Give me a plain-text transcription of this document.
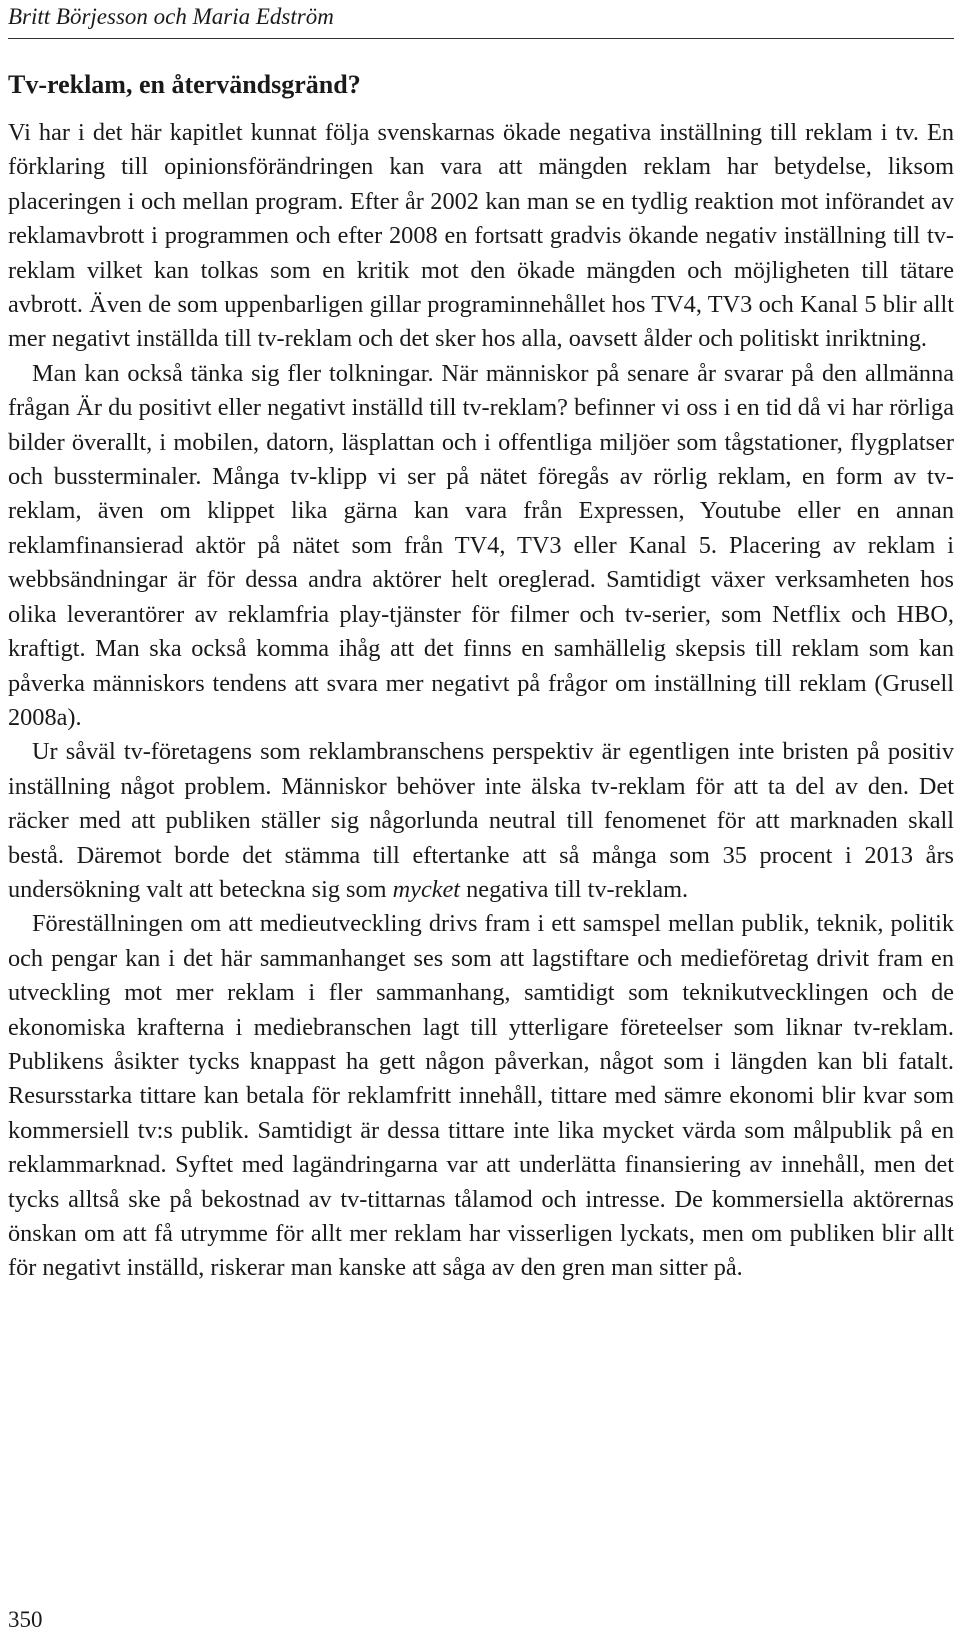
Britt Börjesson och Maria Edström
Tv-reklam, en återvändsgränd?

Vi har i det här kapitlet kunnat följa svenskarnas ökade negativa inställning till reklam i tv. En förklaring till opinionsförändringen kan vara att mängden reklam har betydelse, liksom placeringen i och mellan program. Efter år 2002 kan man se en tydlig reaktion mot införandet av reklamavbrott i programmen och efter 2008 en fortsatt gradvis ökande negativ inställning till tv-reklam vilket kan tolkas som en kritik mot den ökade mängden och möjligheten till tätare avbrott. Även de som uppenbarligen gillar programinnehållet hos TV4, TV3 och Kanal 5 blir allt mer negativt inställda till tv-reklam och det sker hos alla, oavsett ålder och politiskt inriktning.

Man kan också tänka sig fler tolkningar. När människor på senare år svarar på den allmänna frågan Är du positivt eller negativt inställd till tv-reklam? befinner vi oss i en tid då vi har rörliga bilder överallt, i mobilen, datorn, läsplattan och i offentliga miljöer som tågstationer, flygplatser och bussterminaler. Många tv-klipp vi ser på nätet föregås av rörlig reklam, en form av tv-reklam, även om klippet lika gärna kan vara från Expressen, Youtube eller en annan reklamfinansierad aktör på nätet som från TV4, TV3 eller Kanal 5. Placering av reklam i webbsändningar är för dessa andra aktörer helt oreglerad. Samtidigt växer verksamheten hos olika leverantörer av reklamfria play-tjänster för filmer och tv-serier, som Netflix och HBO, kraftigt. Man ska också komma ihåg att det finns en samhällelig skepsis till reklam som kan påverka människors tendens att svara mer negativt på frågor om inställning till reklam (Grusell 2008a).

Ur såväl tv-företagens som reklambranschens perspektiv är egentligen inte bristen på positiv inställning något problem. Människor behöver inte älska tv-reklam för att ta del av den. Det räcker med att publiken ställer sig någorlunda neutral till fenomenet för att marknaden skall bestå. Däremot borde det stämma till eftertanke att så många som 35 procent i 2013 års undersökning valt att beteckna sig som mycket negativa till tv-reklam.

Föreställningen om att medieutveckling drivs fram i ett samspel mellan publik, teknik, politik och pengar kan i det här sammanhanget ses som att lagstiftare och medieföretag drivit fram en utveckling mot mer reklam i fler sammanhang, samtidigt som teknikutvecklingen och de ekonomiska krafterna i mediebranschen lagt till ytterligare företeelser som liknar tv-reklam. Publikens åsikter tycks knappast ha gett någon påverkan, något som i längden kan bli fatalt. Resursstarka tittare kan betala för reklamfritt innehåll, tittare med sämre ekonomi blir kvar som kommersiell tv:s publik. Samtidigt är dessa tittare inte lika mycket värda som målpublik på en reklammarknad. Syftet med lagändringarna var att underlätta finansiering av innehåll, men det tycks alltså ske på bekostnad av tv-tittarnas tålamod och intresse. De kommersiella aktörernas önskan om att få utrymme för allt mer reklam har visserligen lyckats, men om publiken blir allt för negativt inställd, riskerar man kanske att såga av den gren man sitter på.

350
